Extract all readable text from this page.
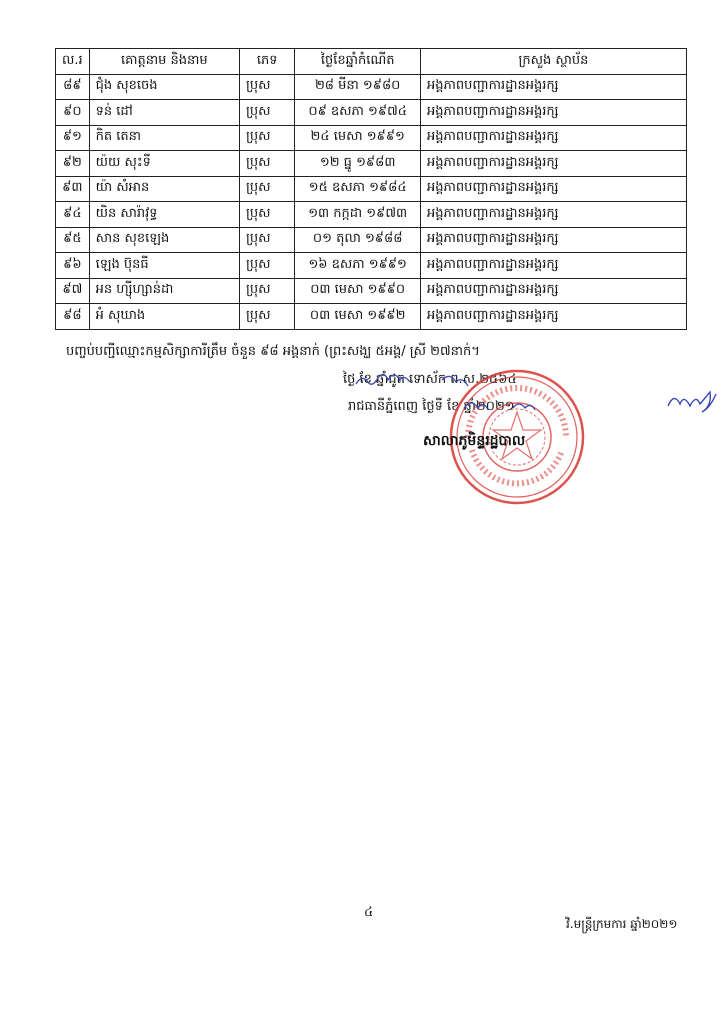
ល.រ	គោត្តនាម និងនាម	ភេទ	ថ្ងៃខែឆ្នាំកំណើត	ក្រសួង ស្ថាប័ន
៨៩	ជុំង សុខចេង	ប្រុស	២៨ មីនា ១៩៨០	អង្គភាពបញ្ជាការដ្ឋានអង្គរក្ស
៩០	ទន់ ដៅ	ប្រុស	០៩ ឧសភា ១៩៧៤	អង្គភាពបញ្ជាការដ្ឋានអង្គរក្ស
៩១	កិត តេនា	ប្រុស	២៤ មេសា ១៩៩១	អង្គភាពបញ្ជាការដ្ឋានអង្គរក្ស
៩២	យ៉យ សុះទី	ប្រុស	១២ ធ្នូ ១៩៨៣	អង្គភាពបញ្ជាការដ្ឋានអង្គរក្ស
៩៣	យ៉ា សំអាន	ប្រុស	១៥ ឧសភា ១៩៨៤	អង្គភាពបញ្ជាការដ្ឋានអង្គរក្ស
៩៤	យិន សារ៉ាវុទ្ធ	ប្រុស	១៣ កក្កដា ១៩៧៣	អង្គភាពបញ្ជាការដ្ឋានអង្គរក្ស
៩៥	សាន សុខឡេង	ប្រុស	០១ តុលា ១៩៨៨	អង្គភាពបញ្ជាការដ្ឋានអង្គរក្ស
៩៦	ឡេង ប៊ុនធី	ប្រុស	១៦ ឧសភា ១៩៩១	អង្គភាពបញ្ជាការដ្ឋានអង្គរក្ស
៩៧	អន ហ្ស៊ីហ្សាន់ដា	ប្រុស	០៣ មេសា ១៩៩០	អង្គភាពបញ្ជាការដ្ឋានអង្គរក្ស
៩៨	អំ សុឃាង	ប្រុស	០៣ មេសា ១៩៩២	អង្គភាពបញ្ជាការដ្ឋានអង្គរក្ស
បញ្ចប់បញ្ជីឈ្មោះកម្មសិក្សាការីត្រឹម ចំនួន ៩៨ អង្គនាក់ (ព្រះសង្ឃ ៥អង្គ/ ស្រី ២៧នាក់។
ថ្ងៃ ខែ ឆ្នាំជូត ទោស័ក ព.ស.២៥៦៤
រាជធានីភ្នំពេញ ថ្ងៃទី ខែ ឆ្នាំ២០២១
សាលាភូមិន្ទរដ្ឋបាល
៤
វិ.មន្ត្រីក្រមការ ឆ្នាំ២០២១
